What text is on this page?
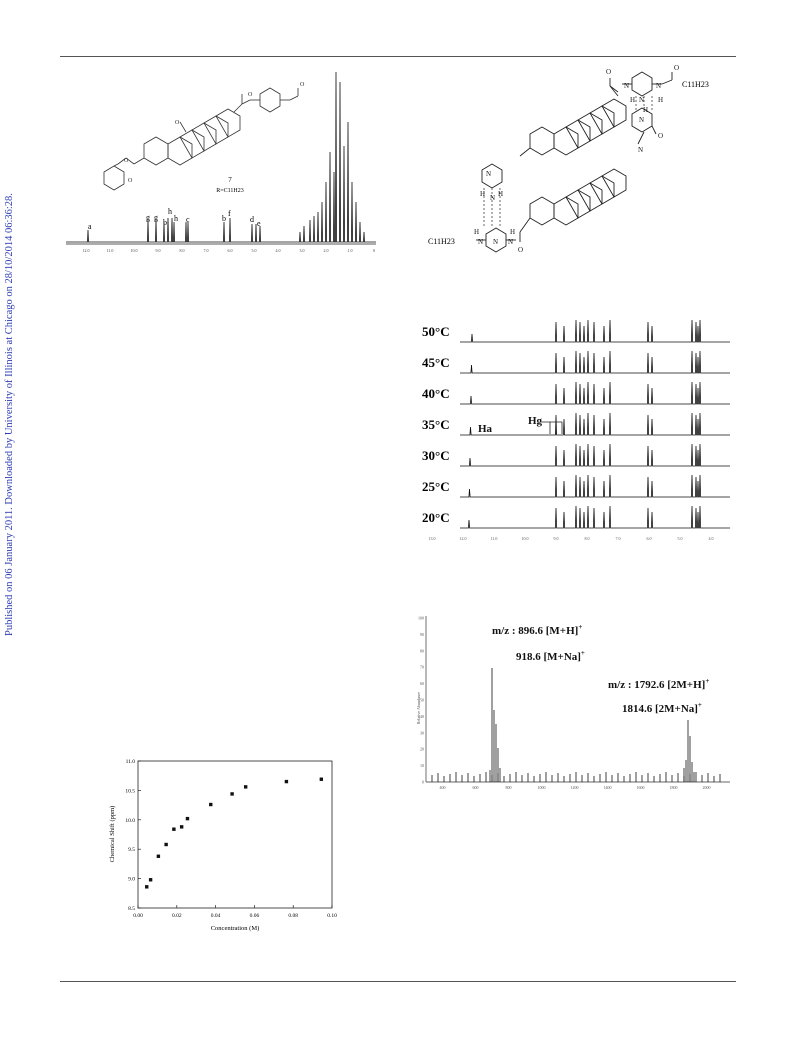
Published on 06 January 2011. Downloaded by University of Illinois at Chicago on 28/10/2014 06:36:28.
O
O
O
O
O	7
R=C11H23
a
g g
b
h
h c	b
f
d e
12.0	11.0	10.0	9.0	8.0	7.0	6.0	5.0	4.0	3.0	2.0	1.0	0
N
N
N
H	H
H
N
O
N
O	O
N
H N H
H
N N N
H
O
C11H23
C11H23
50°C
45°C
40°C
35°C
30°C
25°C
20°C
Ha
Hg
13.0	12.0	11.0	10.0	9.0	8.0	7.0	6.0	5.0	4.0
Relative Abundance
0
10
20
30
40
50
60
70
80
90
100
400	600	800	1000	1200	1400	1600	1800	2000
m/z : 896.6 [M+H]+
918.6 [M+Na]+
m/z : 1792.6 [2M+H]+
1814.6 [2M+Na]+
Concentration (M)
Chemical Shift (ppm)
0.00	0.02	0.04	0.06	0.08	0.10
8.5
9.0
9.5
10.0
10.5
11.0
